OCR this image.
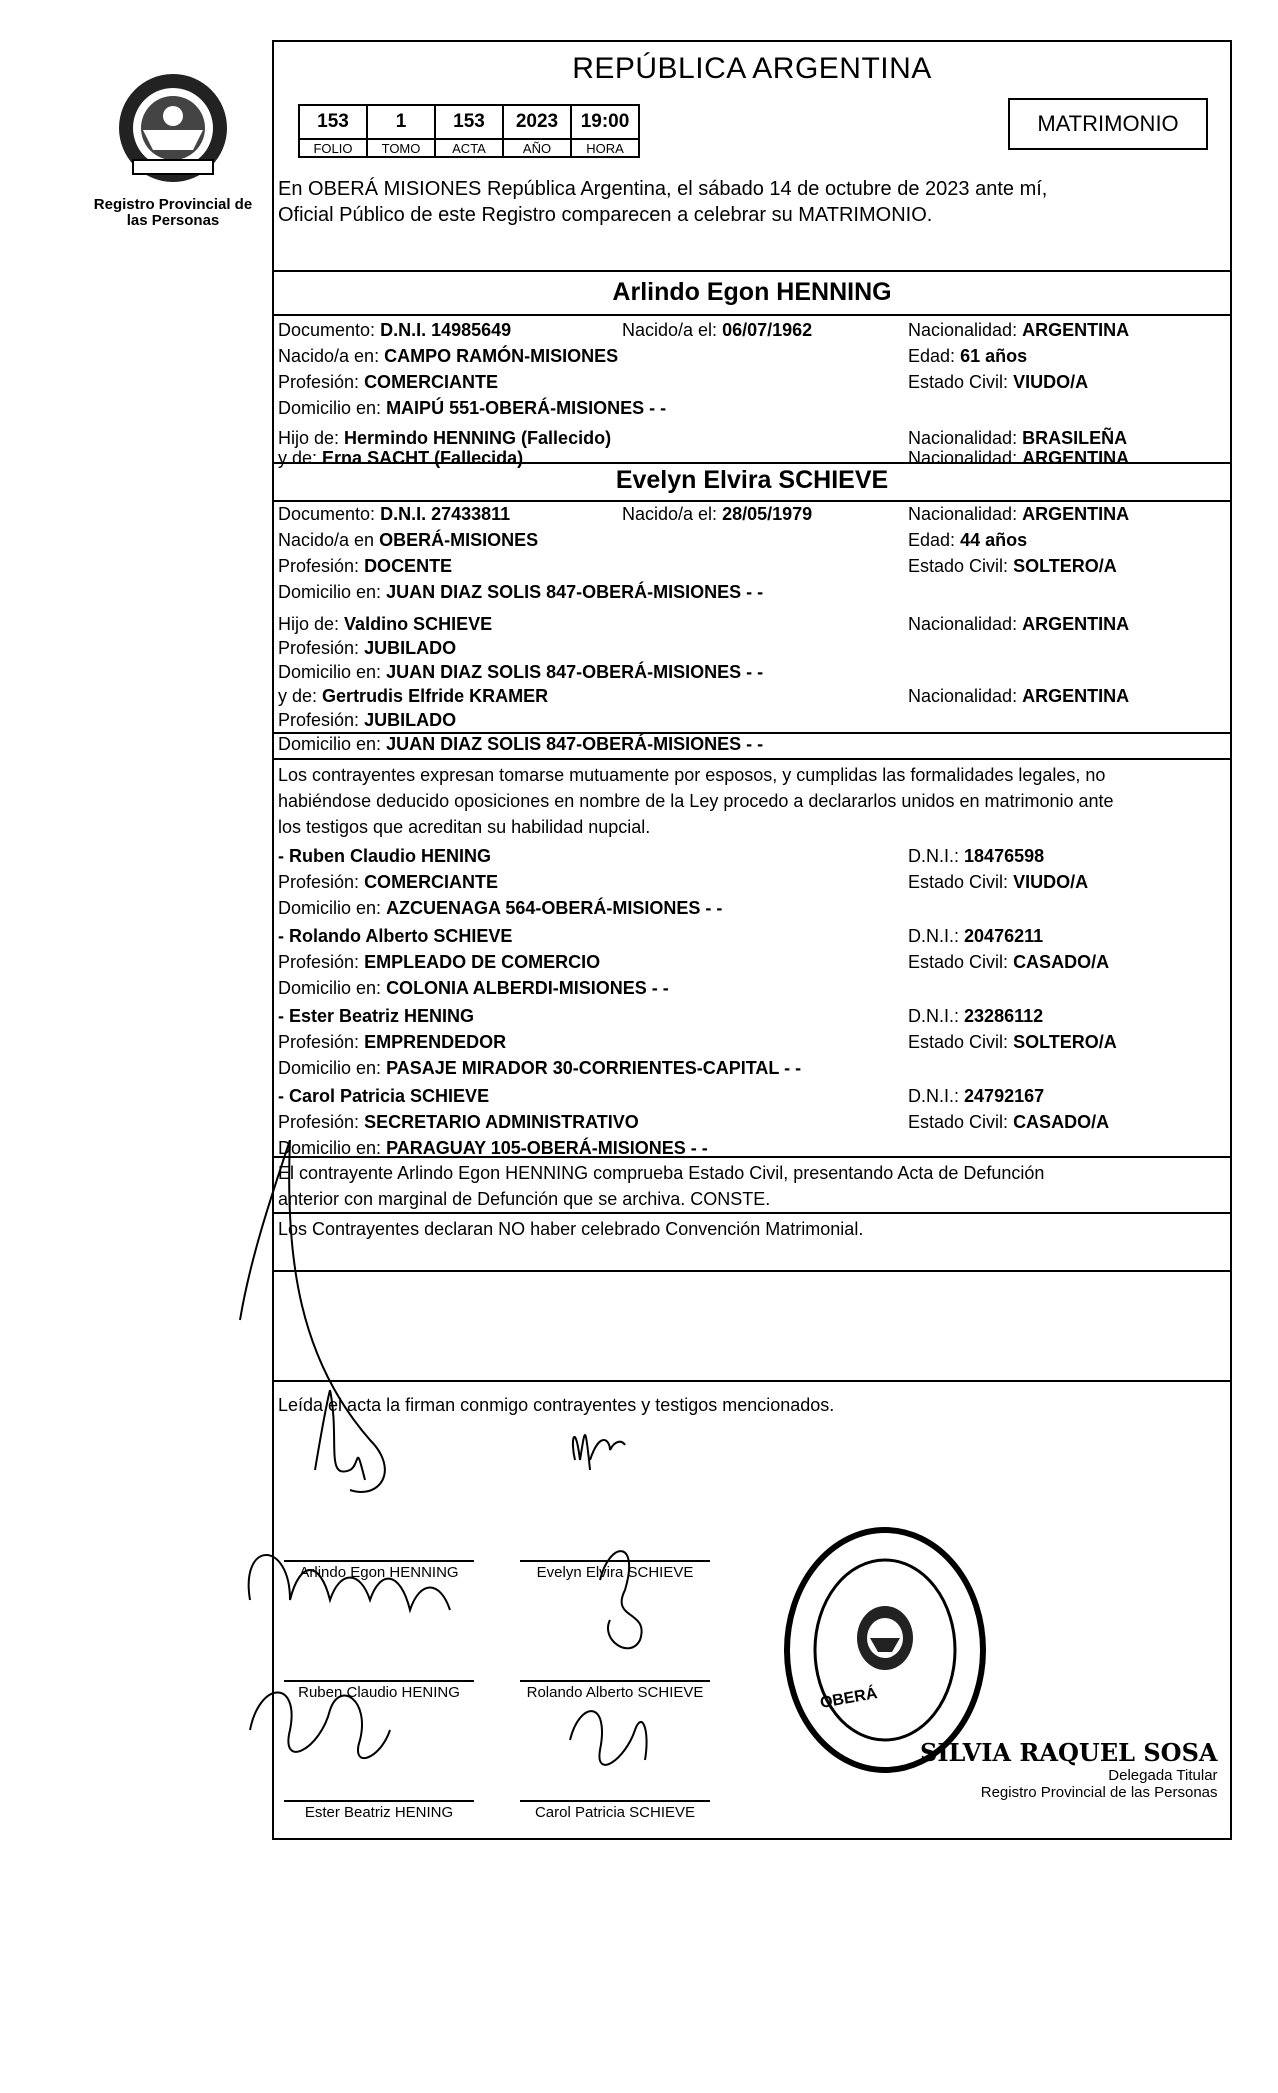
Registro Provincial de las Personas
REPÚBLICA ARGENTINA
153	1	153	2023	19:00
FOLIO	TOMO	ACTA	AÑO	HORA
MATRIMONIO
En OBERÁ MISIONES República Argentina, el sábado 14 de octubre de 2023 ante mí,
Oficial Público de este Registro comparecen a celebrar su MATRIMONIO.
Arlindo Egon HENNING
Documento: D.N.I. 14985649	Nacido/a el: 06/07/1962	Nacionalidad: ARGENTINA
Nacido/a en: CAMPO RAMÓN-MISIONES	Edad: 61 años
Profesión: COMERCIANTE	Estado Civil: VIUDO/A
Domicilio en: MAIPÚ 551-OBERÁ-MISIONES - -
Hijo de: Hermindo HENNING (Fallecido)	Nacionalidad: BRASILEÑA
y de: Erna SACHT (Fallecida)	Nacionalidad: ARGENTINA
Evelyn Elvira SCHIEVE
Documento: D.N.I. 27433811	Nacido/a el: 28/05/1979	Nacionalidad: ARGENTINA
Nacido/a en OBERÁ-MISIONES	Edad: 44 años
Profesión: DOCENTE	Estado Civil: SOLTERO/A
Domicilio en: JUAN DIAZ SOLIS 847-OBERÁ-MISIONES - -
Hijo de: Valdino SCHIEVE	Nacionalidad: ARGENTINA
Profesión: JUBILADO
Domicilio en: JUAN DIAZ SOLIS 847-OBERÁ-MISIONES - -
y de: Gertrudis Elfride KRAMER	Nacionalidad: ARGENTINA
Profesión: JUBILADO
Domicilio en: JUAN DIAZ SOLIS 847-OBERÁ-MISIONES - -
Los contrayentes expresan tomarse mutuamente por esposos, y cumplidas las formalidades legales, no
habiéndose deducido oposiciones en nombre de la Ley procedo a declararlos unidos en matrimonio ante
los testigos que acreditan su habilidad nupcial.
- Ruben Claudio HENING	D.N.I.: 18476598
Profesión: COMERCIANTE	Estado Civil: VIUDO/A
Domicilio en: AZCUENAGA 564-OBERÁ-MISIONES - -
- Rolando Alberto SCHIEVE	D.N.I.: 20476211
Profesión: EMPLEADO DE COMERCIO	Estado Civil: CASADO/A
Domicilio en: COLONIA ALBERDI-MISIONES - -
- Ester Beatriz HENING	D.N.I.: 23286112
Profesión: EMPRENDEDOR	Estado Civil: SOLTERO/A
Domicilio en: PASAJE MIRADOR 30-CORRIENTES-CAPITAL - -
- Carol Patricia SCHIEVE	D.N.I.: 24792167
Profesión: SECRETARIO ADMINISTRATIVO	Estado Civil: CASADO/A
Domicilio en: PARAGUAY 105-OBERÁ-MISIONES - -
El contrayente Arlindo Egon HENNING comprueba Estado Civil, presentando Acta de Defunción
anterior con marginal de Defunción que se archiva. CONSTE.
Los Contrayentes declaran NO haber celebrado Convención Matrimonial.
Leída el acta la firman conmigo contrayentes y testigos mencionados.
Arlindo Egon HENNING	Evelyn Elvira SCHIEVE
Ruben Claudio HENING	Rolando Alberto SCHIEVE
Ester Beatriz HENING	Carol Patricia SCHIEVE
OBERÁ
SILVIA RAQUEL SOSA
Delegada Titular
Registro Provincial de las Personas
